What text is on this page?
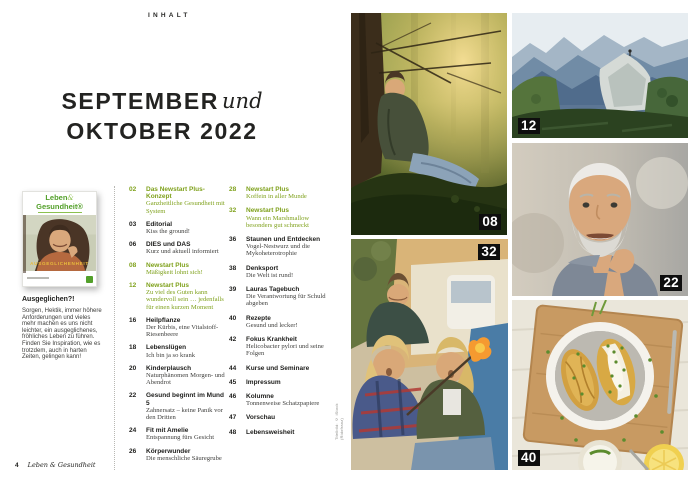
INHALT
SEPTEMBER und
OKTOBER 2022
Leben&
Gesundheit®
AUSGEGLICHENHEIT
Ausgeglichen?!
Sorgen, Hektik, immer höhere Anforderungen und vieles mehr machen es uns nicht leichter, ein ausgeglichenes, fröhliches Leben zu führen. Finden Sie Inspiration, wie es trotzdem, auch in harten Zeiten, gelingen kann!
4 Leben & Gesundheit
02	Das Newstart Plus-Konzept
Ganzheitliche Gesundheit mit System
03	Editorial
Kiss the ground!
06	DIES und DAS
Kurz und aktuell informiert
08	Newstart Plus
Mäßigkeit lohnt sich!
12	Newstart Plus
Zu viel des Guten kann wundervoll sein … jedenfalls für einen kurzen Moment
16	Heilpflanze
Der Kürbis, eine Vitalstoff-Riesenbeere
18	Lebenslügen
Ich bin ja so krank
20	Kinderplausch
Naturphänomen Morgen- und Abendrot
22	Gesund beginnt im Mund 5
Zahnersatz – keine Panik vor den Dritten
24	Fit mit Amelie
Entspannung fürs Gesicht
26	Körperwunder
Die menschliche Säuregrube
28	Newstart Plus
Koffein in aller Munde
32	Newstart Plus
Wann ein Marshmallow besonders gut schmeckt
36	Staunen und Entdecken
Vogel-Nestwurz und die Mykoheterotrophie
38	Denksport
Die Welt ist rund!
39	Lauras Tagebuch
Die Verantwortung für Schuld abgeben
40	Rezepte
Gesund und lecker!
42	Fokus Krankheit
Helicobacter pylori und seine Folgen
44	Kurse und Seminare
45	Impressum
46	Kolumne
Tonnenweise Schatzpapiere
47	Vorschau
48	Lebensweisheit	Titelbild: © iStock (Ridofranz)
08
32
12
22
40
